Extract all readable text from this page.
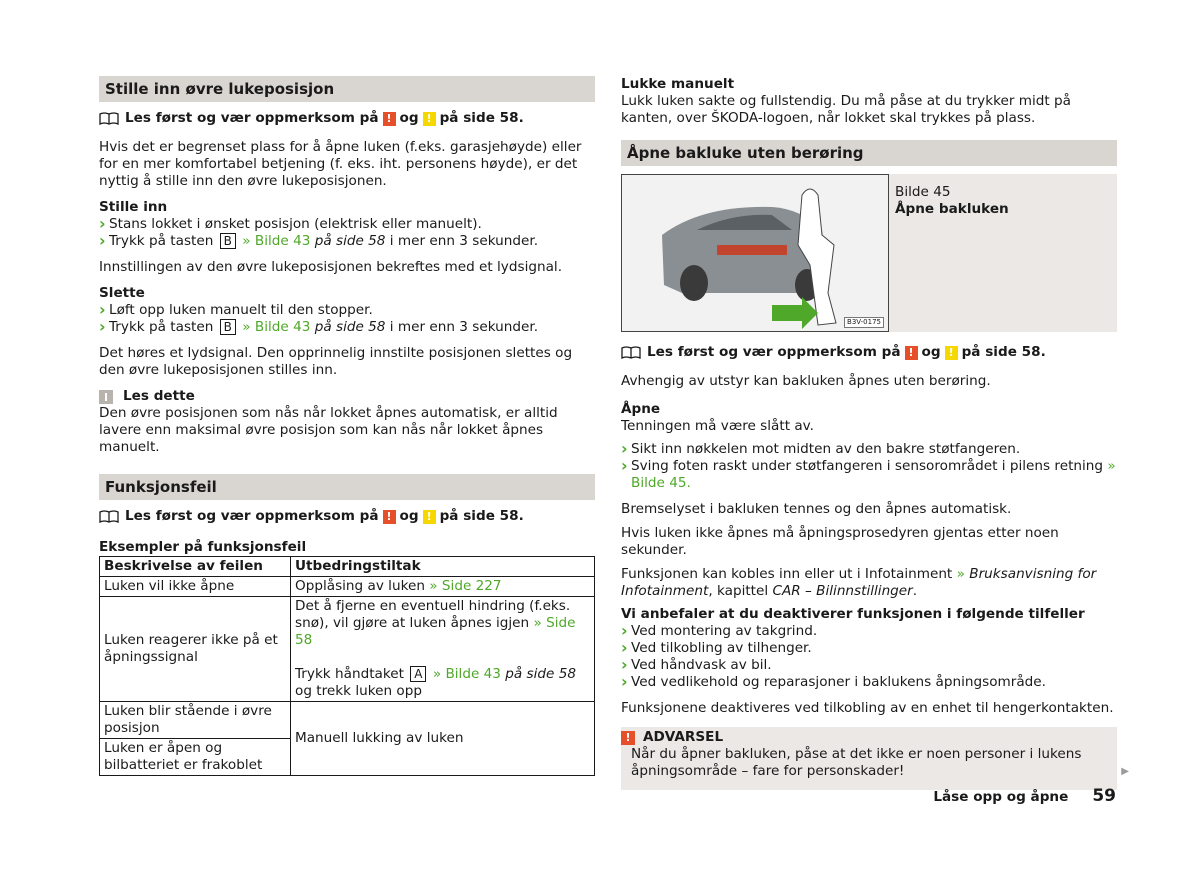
Stille inn øvre lukeposisjon
Les først og vær oppmerksom på ! og ! på side 58.

Hvis det er begrenset plass for å åpne luken (f.eks. garasjehøyde) eller for en mer komfortabel betjening (f. eks. iht. personens høyde), er det nyttig å stille inn den øvre lukeposisjonen.

Stille inn
› Stans lokket i ønsket posisjon (elektrisk eller manuelt).
› Trykk på tasten B » Bilde 43 på side 58 i mer enn 3 sekunder.

Innstillingen av den øvre lukeposisjonen bekreftes med et lydsignal.

Slette
› Løft opp luken manuelt til den stopper.
› Trykk på tasten B » Bilde 43 på side 58 i mer enn 3 sekunder.

Det høres et lydsignal. Den opprinnelig innstilte posisjonen slettes og den øvre lukeposisjonen stilles inn.

Les dette

Den øvre posisjonen som nås når lokket åpnes automatisk, er alltid lavere enn maksimal øvre posisjon som kan nås når lokket åpnes manuelt.

Funksjonsfeil
Les først og vær oppmerksom på ! og ! på side 58.
Eksempler på funksjonsfeil
Beskrivelse av feilen	Utbedringstiltak
Luken vil ikke åpne	Opplåsing av luken » Side 227
Luken reagerer ikke på et åpningssignal	Det å fjerne en eventuell hindring (f.eks. snø), vil gjøre at luken åpnes igjen » Side 58
Trykk håndtaket A » Bilde 43 på side 58 og trekk luken opp

Luken blir stående i øvre posisjon	Manuell lukking av luken
Luken er åpen og bilbatteriet er frakoblet	
Lukke manuelt

Lukk luken sakte og fullstendig. Du må påse at du trykker midt på kanten, over ŠKODA-logoen, når lokket skal trykkes på plass.

Åpne bakluke uten berøring
B3V-0175
Bilde 45
Åpne bakluken
Les først og vær oppmerksom på ! og ! på side 58.

Avhengig av utstyr kan bakluken åpnes uten berøring.

Åpne

Tenningen må være slått av.

› Sikt inn nøkkelen mot midten av den bakre støtfangeren.
› Sving foten raskt under støtfangeren i sensorområdet i pilens retning » Bilde 45.

Bremselyset i bakluken tennes og den åpnes automatisk.

Hvis luken ikke åpnes må åpningsprosedyren gjentas etter noen sekunder.

Funksjonen kan kobles inn eller ut i Infotainment » Bruksanvisning for Infotainment, kapittel CAR – Bilinnstillinger.

Vi anbefaler at du deaktiverer funksjonen i følgende tilfeller
› Ved montering av takgrind.
› Ved tilkobling av tilhenger.
› Ved håndvask av bil.
› Ved vedlikehold og reparasjoner i baklukens åpningsområde.

Funksjonene deaktiveres ved tilkobling av en enhet til hengerkontakten.

! ADVARSEL
Når du åpner bakluken, påse at det ikke er noen personer i lukens åpningsområde – fare for personskader!	▶
Låse opp og åpne 59
